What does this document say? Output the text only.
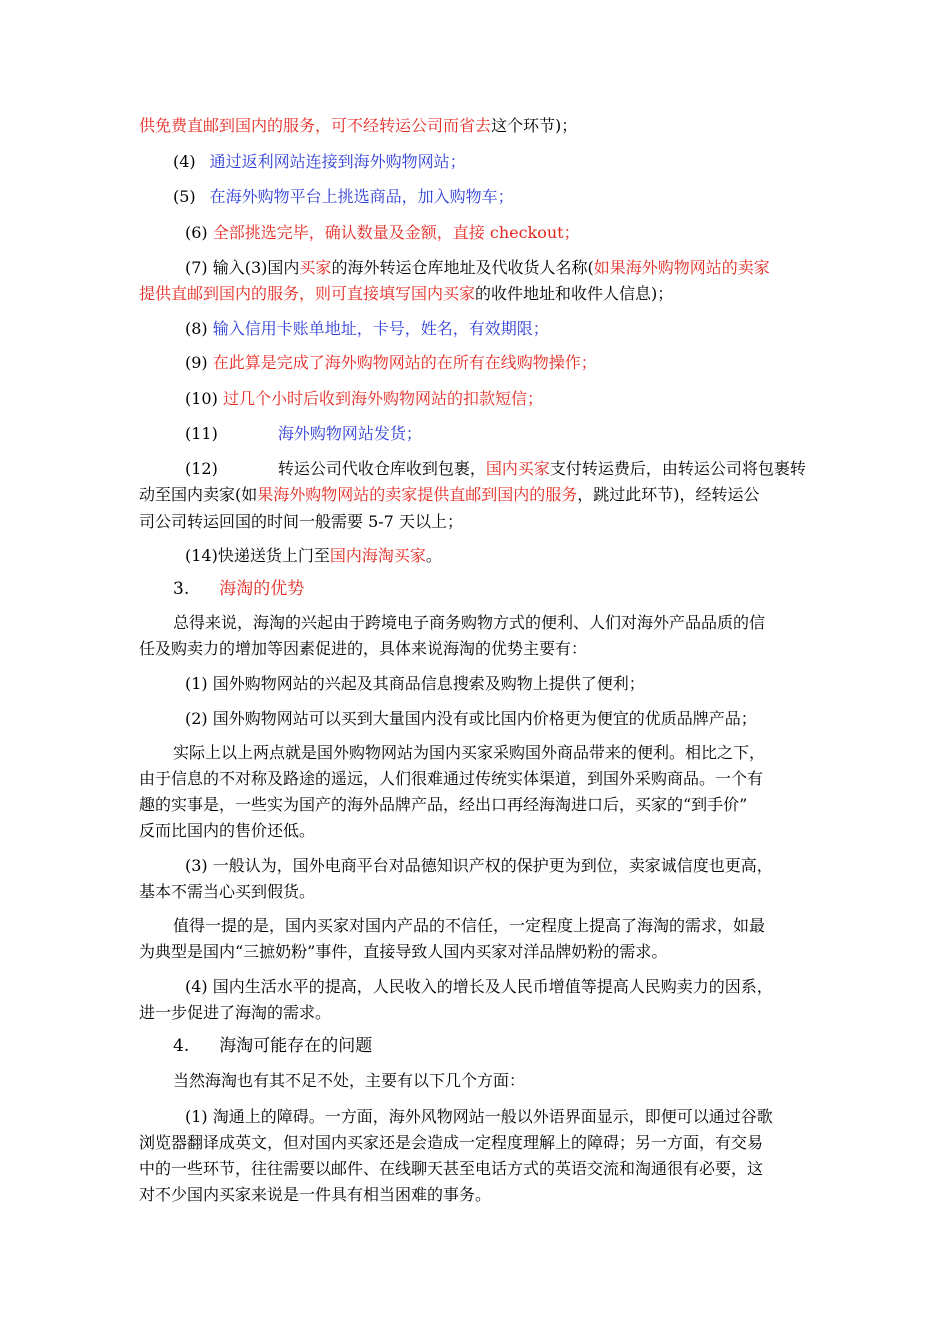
供免费直邮到国内的服务，可不经转运公司而省去这个环节)；
(4) 通过返利网站连接到海外购物网站；
(5) 在海外购物平台上挑选商品，加入购物车；
(6) 全部挑选完毕，确认数量及金额，直接 checkout；
(7) 输入(3)国内买家的海外转运仓库地址及代收货人名称(如果海外购物网站的卖家
提供直邮到国内的服务，则可直接填写国内买家的收件地址和收件人信息)；
(8) 输入信用卡账单地址，卡号，姓名，有效期限；
(9) 在此算是完成了海外购物网站的在所有在线购物操作；
(10) 过几个小时后收到海外购物网站的扣款短信；
(11)	海外购物网站发货；
(12)	转运公司代收仓库收到包裹，国内买家支付转运费后，由转运公司将包裹转
动至国内卖家(如果海外购物网站的卖家提供直邮到国内的服务，跳过此环节)，经转运公
司公司转运回国的时间一般需要 5-7 天以上；
(14)快递送货上门至国内海淘买家。
3. 海淘的优势
总得来说，海淘的兴起由于跨境电子商务购物方式的便利、人们对海外产品品质的信
任及购卖力的增加等因素促进的，具体来说海淘的优势主要有：
(1) 国外购物网站的兴起及其商品信息搜索及购物上提供了便利；
(2) 国外购物网站可以买到大量国内没有或比国内价格更为便宜的优质品牌产品；
实际上以上两点就是国外购物网站为国内买家采购国外商品带来的便利。相比之下，
由于信息的不对称及路途的遥远，人们很难通过传统实体渠道，到国外采购商品。一个有
趣的实事是，一些实为国产的海外品牌产品，经出口再经海淘进口后，买家的“到手价”
反而比国内的售价还低。
(3) 一般认为，国外电商平台对品德知识产权的保护更为到位，卖家诚信度也更高，
基本不需当心买到假货。
值得一提的是，国内买家对国内产品的不信任，一定程度上提高了海淘的需求，如最
为典型是国内“三摭奶粉”事件，直接导致人国内买家对洋品牌奶粉的需求。
(4) 国内生活水平的提高，人民收入的增长及人民币增值等提高人民购卖力的因系，
进一步促进了海淘的需求。
4. 海淘可能存在的问题
当然海淘也有其不足不处，主要有以下几个方面：
(1) 淘通上的障碍。一方面，海外风物网站一般以外语界面显示，即便可以通过谷歌
浏览器翻译成英文，但对国内买家还是会造成一定程度理解上的障碍；另一方面，有交易
中的一些环节，往往需要以邮件、在线聊天甚至电话方式的英语交流和淘通很有必要，这
对不少国内买家来说是一件具有相当困难的事务。
